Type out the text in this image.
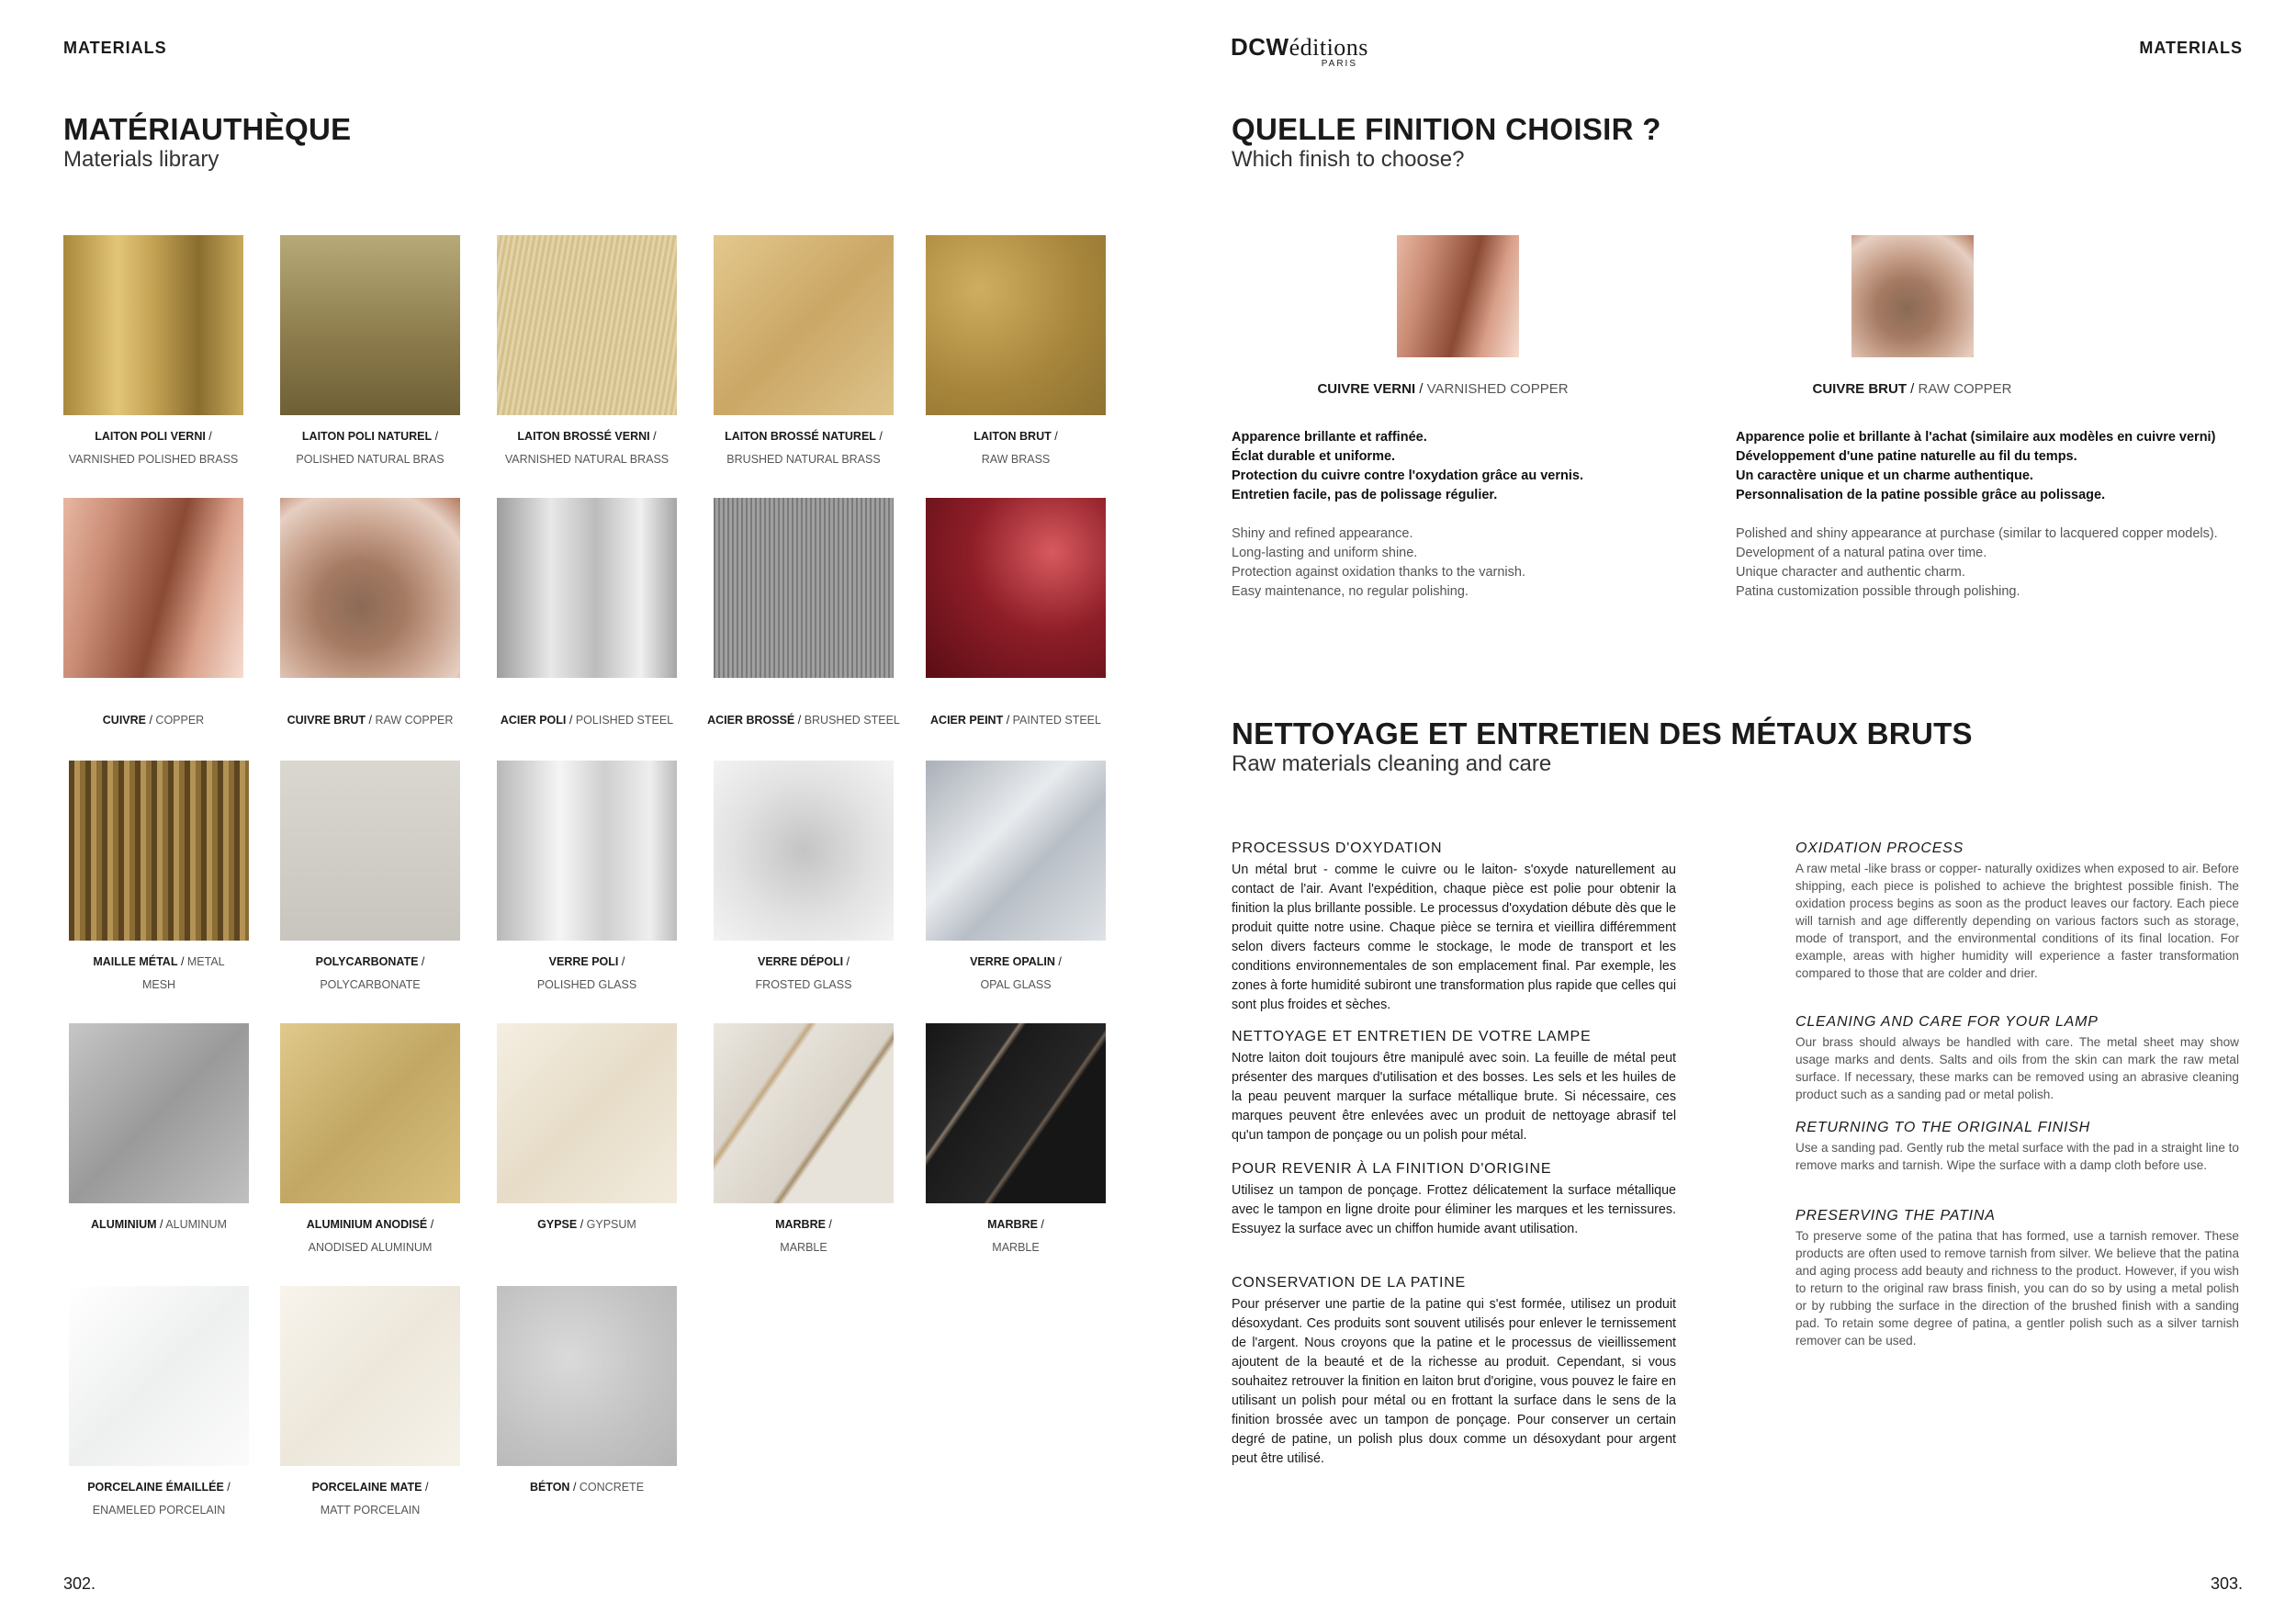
MATERIALS
MATÉRIAUTHÈQUE
Materials library
LAITON POLI VERNI /
VARNISHED POLISHED BRASS
LAITON POLI NATUREL /
POLISHED NATURAL BRAS
LAITON BROSSÉ VERNI /
VARNISHED NATURAL BRASS
LAITON BROSSÉ NATUREL /
BRUSHED NATURAL BRASS
LAITON BRUT /
RAW BRASS
CUIVRE / COPPER	CUIVRE BRUT / RAW COPPER	ACIER POLI / POLISHED STEEL	ACIER BROSSÉ / BRUSHED STEEL	ACIER PEINT / PAINTED STEEL
MAILLE MÉTAL / METAL
MESH
POLYCARBONATE /
POLYCARBONATE
VERRE POLI /
POLISHED GLASS
VERRE DÉPOLI /
FROSTED GLASS
VERRE OPALIN /
OPAL GLASS
ALUMINIUM / ALUMINUM	ALUMINIUM ANODISÉ /
ANODISED ALUMINUM
GYPSE / GYPSUM	MARBRE /
MARBLE
MARBRE /
MARBLE
PORCELAINE ÉMAILLÉE /
ENAMELED PORCELAIN
PORCELAINE MATE /
MATT PORCELAIN
BÉTON / CONCRETE
302.
MATERIALS
DCWéditions
PARIS
QUELLE FINITION CHOISIR ?
Which finish to choose?
CUIVRE VERNI / VARNISHED COPPER
Apparence brillante et raffinée.
Éclat durable et uniforme.
Protection du cuivre contre l'oxydation grâce au vernis.
Entretien facile, pas de polissage régulier.
Shiny and refined appearance.
Long-lasting and uniform shine.
Protection against oxidation thanks to the varnish.
Easy maintenance, no regular polishing.
CUIVRE BRUT / RAW COPPER
Apparence polie et brillante à l'achat (similaire aux modèles en cuivre verni)
Développement d'une patine naturelle au fil du temps.
Un caractère unique et un charme authentique.
Personnalisation de la patine possible grâce au polissage.
Polished and shiny appearance at purchase (similar to lacquered copper models).
Development of a natural patina over time.
Unique character and authentic charm.
Patina customization possible through polishing.
NETTOYAGE ET ENTRETIEN DES MÉTAUX BRUTS
Raw materials cleaning and care
PROCESSUS D'OXYDATION

Un métal brut - comme le cuivre ou le laiton- s'oxyde naturellement au contact de l'air. Avant l'expédition, chaque pièce est polie pour obtenir la finition la plus brillante possible. Le processus d'oxydation débute dès que le produit quitte notre usine. Chaque pièce se ternira et vieillira différemment selon divers facteurs comme le stockage, le mode de transport et les conditions environnementales de son emplacement final. Par exemple, les zones à forte humidité subiront une transformation plus rapide que celles qui sont plus froides et sèches.

NETTOYAGE ET ENTRETIEN DE VOTRE LAMPE

Notre laiton doit toujours être manipulé avec soin. La feuille de métal peut présenter des marques d'utilisation et des bosses. Les sels et les huiles de la peau peuvent marquer la surface métallique brute. Si nécessaire, ces marques peuvent être enlevées avec un produit de nettoyage abrasif tel qu'un tampon de ponçage ou un polish pour métal.

POUR REVENIR À LA FINITION D'ORIGINE

Utilisez un tampon de ponçage. Frottez délicatement la surface métallique avec le tampon en ligne droite pour éliminer les marques et les ternissures. Essuyez la surface avec un chiffon humide avant utilisation.

CONSERVATION DE LA PATINE

Pour préserver une partie de la patine qui s'est formée, utilisez un produit désoxydant. Ces produits sont souvent utilisés pour enlever le ternissement de l'argent. Nous croyons que la patine et le processus de vieillissement ajoutent de la beauté et de la richesse au produit. Cependant, si vous souhaitez retrouver la finition en laiton brut d'origine, vous pouvez le faire en utilisant un polish pour métal ou en frottant la surface dans le sens de la finition brossée avec un tampon de ponçage. Pour conserver un certain degré de patine, un polish plus doux comme un désoxydant pour argent peut être utilisé.

OXIDATION PROCESS

A raw metal -like brass or copper- naturally oxidizes when exposed to air. Before shipping, each piece is polished to achieve the brightest possible finish. The oxidation process begins as soon as the product leaves our factory. Each piece will tarnish and age differently depending on various factors such as storage, mode of transport, and the environmental conditions of its final location. For example, areas with higher humidity will experience a faster transformation compared to those that are colder and drier.

CLEANING AND CARE FOR YOUR LAMP

Our brass should always be handled with care. The metal sheet may show usage marks and dents. Salts and oils from the skin can mark the raw metal surface. If necessary, these marks can be removed using an abrasive cleaning product such as a sanding pad or metal polish.

RETURNING TO THE ORIGINAL FINISH

Use a sanding pad. Gently rub the metal surface with the pad in a straight line to remove marks and tarnish. Wipe the surface with a damp cloth before use.

PRESERVING THE PATINA

To preserve some of the patina that has formed, use a tarnish remover. These products are often used to remove tarnish from silver. We believe that the patina and aging process add beauty and richness to the product. However, if you wish to return to the original raw brass finish, you can do so by using a metal polish or by rubbing the surface in the direction of the brushed finish with a sanding pad. To retain some degree of patina, a gentler polish such as a silver tarnish remover can be used.

303.
